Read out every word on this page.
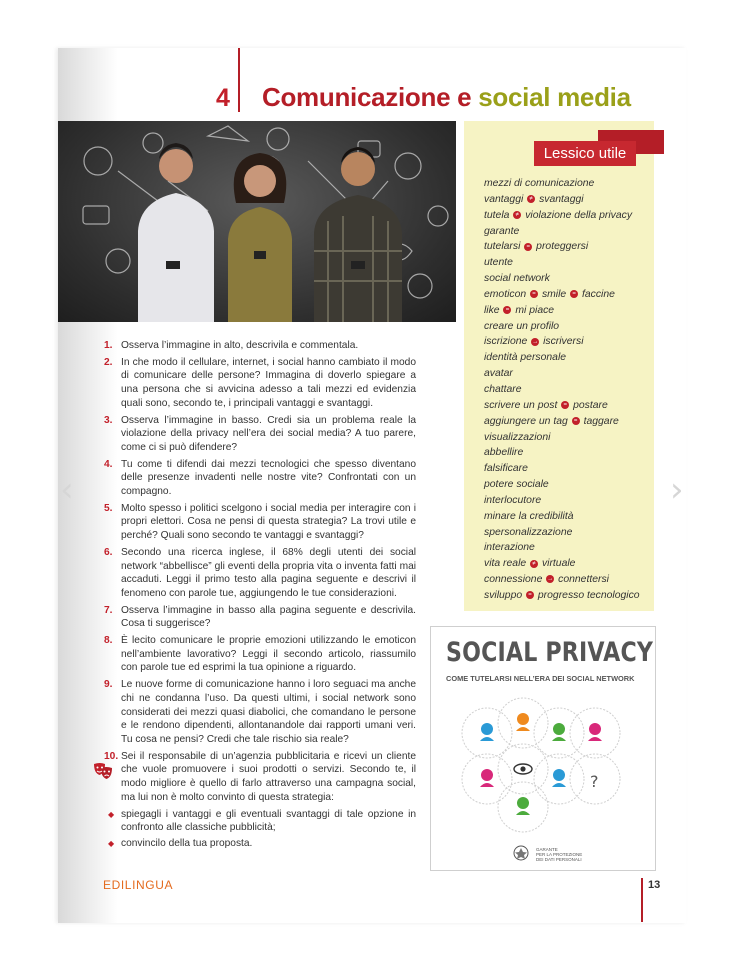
‹	›
4 Comunicazione e social media
Lessico utile
mezzi di comunicazione
vantaggi ≠ svantaggi
tutela ≠ violazione della privacy
garante
tutelarsi = proteggersi
utente
social network
emoticon = smile = faccine
like = mi piace
creare un profilo
iscrizione → iscriversi
identità personale
avatar
chattare
scrivere un post = postare
aggiungere un tag = taggare
visualizzazioni
abbellire
falsificare
potere sociale
interlocutore
minare la credibilità
spersonalizzazione
interazione
vita reale ≠ virtuale
connessione → connettersi
sviluppo = progresso tecnologico
1. Osserva l’immagine in alto, descrivila e commentala.
2. In che modo il cellulare, internet, i social hanno cambiato il modo di comunicare delle persone? Immagina di doverlo spiegare a una persona che si avvicina adesso a tali mezzi ed evidenzia quali sono, secondo te, i principali vantaggi e svantaggi.
3. Osserva l’immagine in basso. Credi sia un problema reale la violazione della privacy nell’era dei social media? A tuo parere, come ci si può difendere?
4. Tu come ti difendi dai mezzi tecnologici che spesso diventano delle presenze invadenti nelle nostre vite? Confrontati con un compagno.
5. Molto spesso i politici scelgono i social media per interagire con i propri elettori. Cosa ne pensi di questa strategia? La trovi utile e perché? Quali sono secondo te vantaggi e svantaggi?
6. Secondo una ricerca inglese, il 68% degli utenti dei social network “abbellisce” gli eventi della propria vita o inventa fatti mai accaduti. Leggi il primo testo alla pagina seguente e descrivi il fenomeno con parole tue, aggiungendo le tue considerazioni.
7. Osserva l’immagine in basso alla pagina seguente e descrivila. Cosa ti suggerisce?
8. È lecito comunicare le proprie emozioni utilizzando le emoticon nell’ambiente lavorativo? Leggi il secondo articolo, riassumilo con parole tue ed esprimi la tua opinione a riguardo.
9. Le nuove forme di comunicazione hanno i loro seguaci ma anche chi ne condanna l’uso. Da questi ultimi, i social network sono considerati dei mezzi quasi diabolici, che comandano le persone e le rendono dipendenti, allontanandole dai rapporti umani veri. Tu cosa ne pensi? Credi che tale rischio sia reale?
10. Sei il responsabile di un’agenzia pubblicitaria e ricevi un cliente che vuole promuovere i suoi prodotti o servizi. Secondo te, il modo migliore è quello di farlo attraverso una campagna social, ma lui non è molto convinto di questa strategia:
◆ spiegagli i vantaggi e gli eventuali svantaggi di tale opzione in confronto alle classiche pubblicità;
◆ convincilo della tua proposta.
SOCIAL PRIVACY
COME TUTELARSI NELL’ERA DEI SOCIAL NETWORK
?
GARANTE
PER LA PROTEZIONE
DEI DATI PERSONALI
EDILINGUA	13
